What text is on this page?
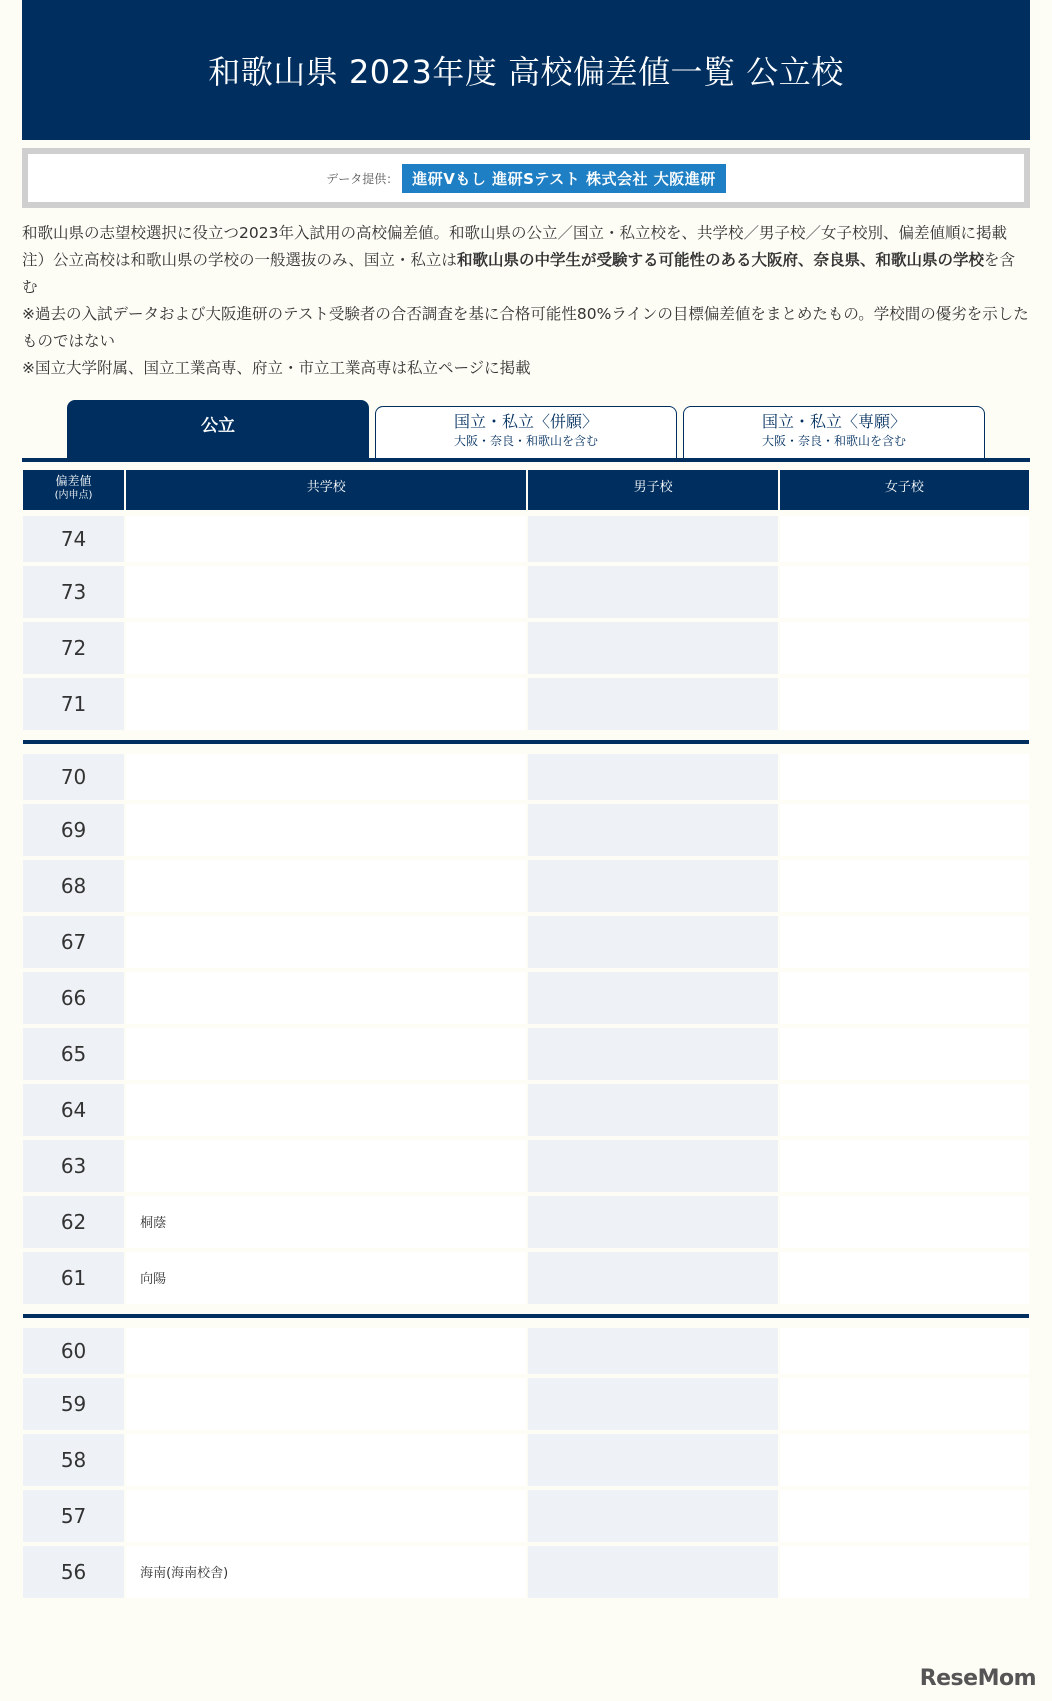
和歌山県 2023年度 高校偏差値一覧 公立校
データ提供： 進研Vもし 進研Sテスト 株式会社 大阪進研

和歌山県の志望校選択に役立つ2023年入試用の高校偏差値。和歌山県の公立／国立・私立校を、共学校／男子校／女子校別、偏差値順に掲載

注）公立高校は和歌山県の学校の一般選抜のみ、国立・私立は和歌山県の中学生が受験する可能性のある大阪府、奈良県、和歌山県の学校を含む

※過去の入試データおよび大阪進研のテスト受験者の合否調査を基に合格可能性80%ラインの目標偏差値をまとめたもの。学校間の優劣を示したものではない

※国立大学附属、国立工業高専、府立・市立工業高専は私立ページに掲載

公立	国立・私立〈併願〉
大阪・奈良・和歌山を含む
国立・私立〈専願〉
大阪・奈良・和歌山を含む
偏差値
(内申点)	共学校	男子校	女子校
74			
73			
72			
71			

70			
69			
68			
67			
66			
65			
64			
63			
62	桐蔭		
61	向陽		

60			
59			
58			
57			
56	海南(海南校舎)		
ReseMom
